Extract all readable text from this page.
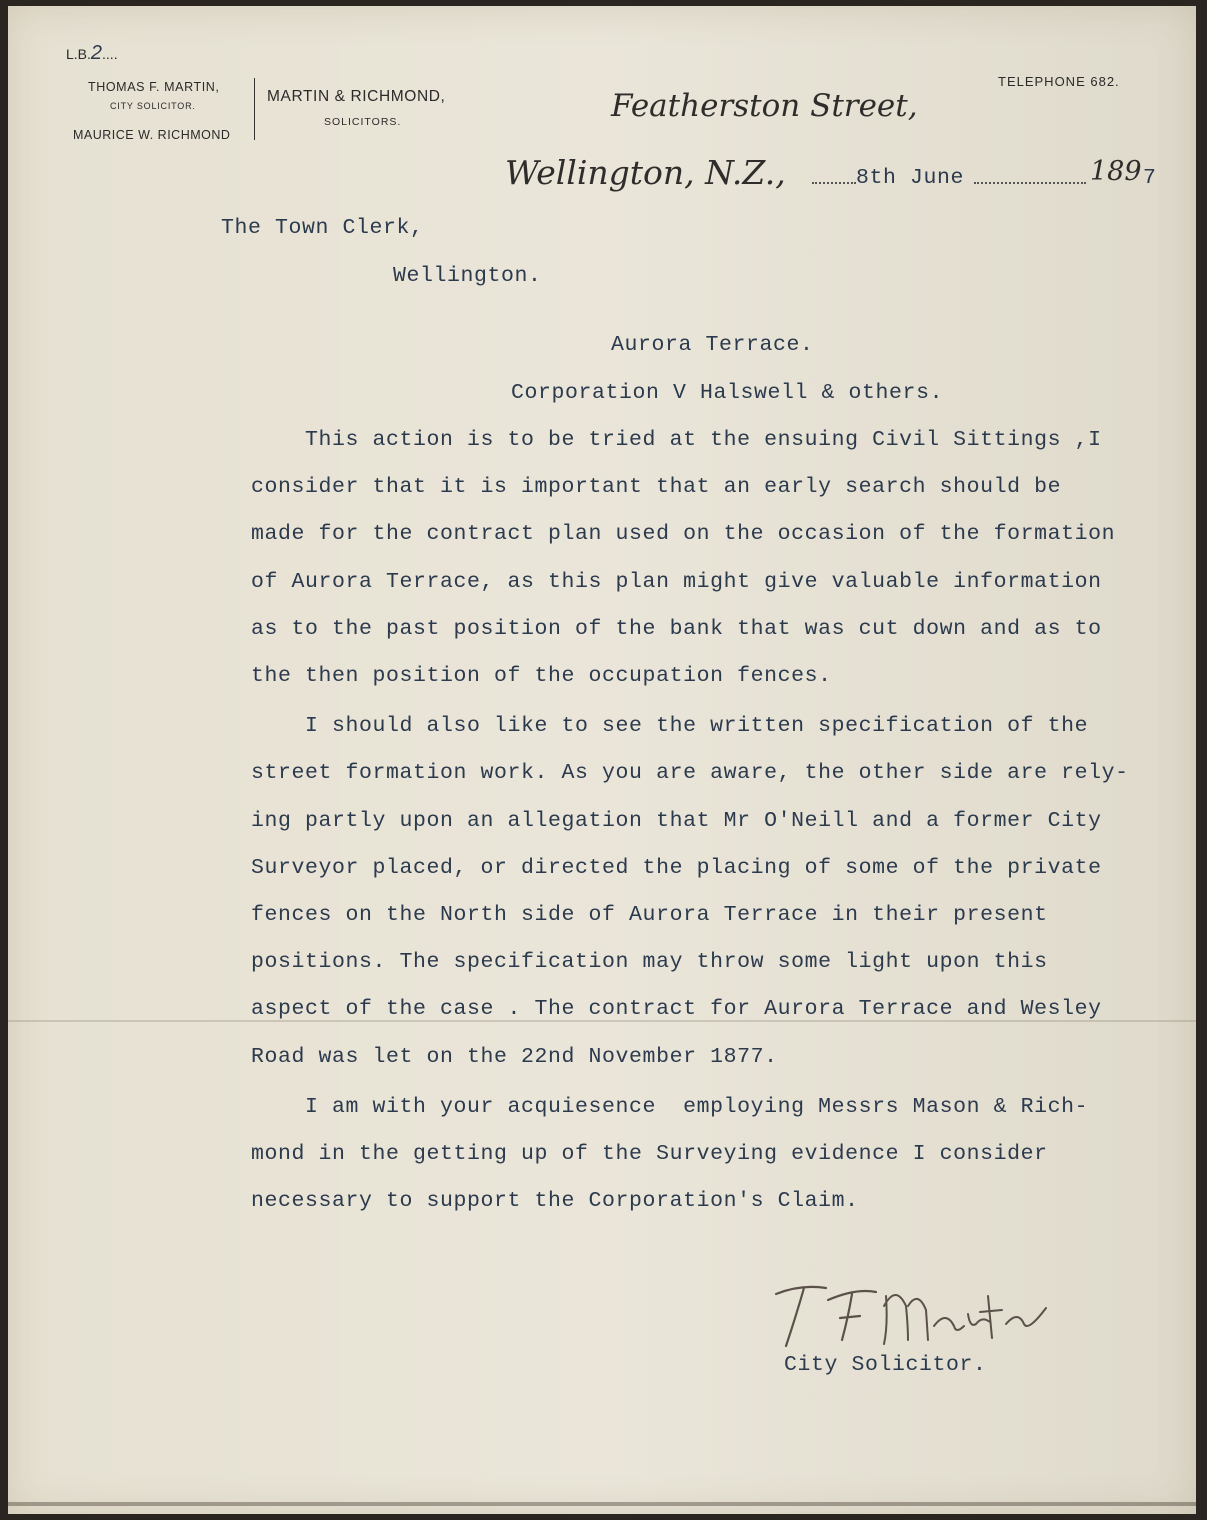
L.B.2....
THOMAS F. MARTIN,
CITY SOLICITOR.
MAURICE W. RICHMOND
MARTIN & RICHMOND,
SOLICITORS.
TELEPHONE 682.
Featherston Street,
Wellington, N.Z.,	8th June	189 7
The Town Clerk,
Wellington.
Aurora Terrace.
Corporation V Halswell & others.
This action is to be tried at the ensuing Civil Sittings ,I
consider that it is important that an early search should be
made for the contract plan used on the occasion of the formation
of Aurora Terrace, as this plan might give valuable information
as to the past position of the bank that was cut down and as to
the then position of the occupation fences.
I should also like to see the written specification of the
street formation work. As you are aware, the other side are rely-
ing partly upon an allegation that Mr O'Neill and a former City
Surveyor placed, or directed the placing of some of the private
fences on the North side of Aurora Terrace in their present
positions. The specification may throw some light upon this
aspect of the case . The contract for Aurora Terrace and Wesley
Road was let on the 22nd November 1877.
I am with your acquiesence  employing Messrs Mason & Rich-
mond in the getting up of the Surveying evidence I consider
necessary to support the Corporation's Claim.
City Solicitor.
